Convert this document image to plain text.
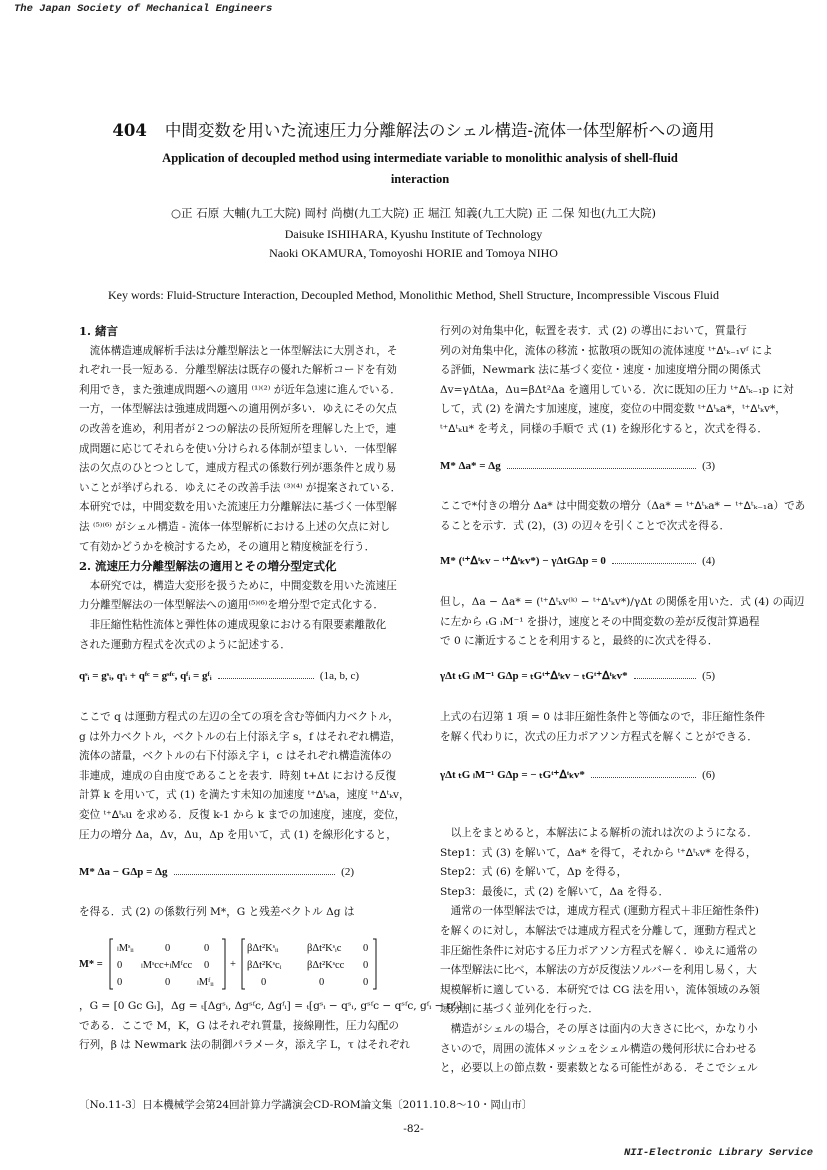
The Japan Society of Mechanical Engineers
404 中間変数を用いた流速圧力分離解法のシェル構造-流体一体型解析への適用
Application of decoupled method using intermediate variable to monolithic analysis of shell-fluid
interaction
○正 石原 大輔(九工大院) 岡村 尚樹(九工大院) 正 堀江 知義(九工大院) 正 二保 知也(九工大院)
Daisuke ISHIHARA, Kyushu Institute of Technology
Naoki OKAMURA, Tomoyoshi HORIE and Tomoya NIHO
Key words: Fluid-Structure Interaction, Decoupled Method, Monolithic Method, Shell Structure, Incompressible Viscous Fluid
1. 緒言

　流体構造連成解析手法は分離型解法と一体型解法に大別され，そ

れぞれ一長一短ある．分離型解法は既存の優れた解析コードを有効

利用でき，また強連成問題への適用 ⁽¹⁾⁽²⁾ が近年急速に進んでいる．

一方，一体型解法は強連成問題への適用例が多い．ゆえにその欠点

の改善を進め，利用者が２つの解法の長所短所を理解した上で，連

成問題に応じてそれらを使い分けられる体制が望ましい．一体型解

法の欠点のひとつとして，連成方程式の係数行列が悪条件と成り易

いことが挙げられる．ゆえにその改善手法 ⁽³⁾⁽⁴⁾ が提案されている．

本研究では，中間変数を用いた流速圧力分離解法に基づく一体型解

法 ⁽⁵⁾⁽⁶⁾ がシェル構造 - 流体一体型解析における上述の欠点に対し

て有効かどうかを検討するため，その適用と精度検証を行う．

2. 流速圧力分離型解法の適用とその増分型定式化

　本研究では，構造大変形を扱うために，中間変数を用いた流速圧

力分離型解法の一体型解法への適用⁽⁵⁾⁽⁶⁾を増分型で定式化する．

　非圧縮性粘性流体と弾性体の連成現象における有限要素離散化

された運動方程式を次式のように記述する．

qˢᵢ = gˢᵢ, qˢᵢ + qᶠᶜ = gˢᶠᶜ, qᶠᵢ = gᶠᵢ	(1a, b, c)

ここで q は運動方程式の左辺の全ての項を含む等価内力ベクトル，

g は外力ベクトル，ベクトルの右上付添え字 s，f はそれぞれ構造，

流体の諸量，ベクトルの右下付添え字 i，c はそれぞれ構造流体の

非連成，連成の自由度であることを表す．時刻 t+Δt における反復

計算 k を用いて，式 (1) を満たす未知の加速度 ᵗ⁺ᐃᵗₖa，速度 ᵗ⁺ᐃᵗₖv，

変位 ᵗ⁺ᐃᵗₖu を求める．反復 k-1 から k までの加速度，速度，変位，

圧力の増分 Δa，Δv，Δu，Δp を用いて，式 (1) を線形化すると，

M* Δa − GΔp = Δg	(2)

を得る．式 (2) の係数行列 M*，G と残差ベクトル Δg は

M* =
ₗMˢᵢᵢ	0	0
0 ₗMˢcc+ₗMᶠcc 0
0	0	ₗMᶠᵢᵢ
+
βΔt²Kˢᵢᵢ	βΔt²Kˢᵢc 0
βΔt²Kˢcᵢ βΔt²Kˢcc 0
0	0	0

，G = [0 Gc Gᵢ]，Δg = ₜ[Δgˢᵢ, Δgˢᶠc, Δgᶠᵢ] = ₜ[gˢᵢ − qˢᵢ, gˢᶠc − qˢᶠc, gᶠᵢ − qᶠᵢ]

である．ここで M，K，G はそれぞれ質量，接線剛性，圧力勾配の

行列，β は Newmark 法の制御パラメータ，添え字 L，τ はそれぞれ

行列の対角集中化，転置を表す．式 (2) の導出において，質量行

列の対角集中化，流体の移流・拡散項の既知の流体速度 ᵗ⁺ᐃᵗₖ₋₁vᶠ によ

る評価，Newmark 法に基づく変位・速度・加速度増分間の関係式

Δv=γΔtΔa，Δu=βΔt²Δa を適用している．次に既知の圧力 ᵗ⁺ᐃᵗₖ₋₁p に対

して，式 (2) を満たす加速度，速度，変位の中間変数 ᵗ⁺ᐃᵗₖa*，ᵗ⁺ᐃᵗₖv*，

ᵗ⁺ᐃᵗₖu* を考え，同様の手順で 式 (1) を線形化すると，次式を得る．

M* Δa* = Δg	(3)

ここで*付きの増分 Δa* は中間変数の増分（Δa* = ᵗ⁺ᐃᵗₖa* − ᵗ⁺ᐃᵗₖ₋₁a）であ

ることを示す．式 (2)，(3) の辺々を引くことで次式を得る．

M* (ᵗ⁺ᐃᵗₖv − ᵗ⁺ᐃᵗₖv*) − γΔtGΔp = 0	(4)

但し，Δa − Δa* = (ᵗ⁺ᐃᵗₖv⁽ᵏ⁾ − ᵗ⁺ᐃᵗₖv*)/γΔt の関係を用いた．式 (4) の両辺

に左から ₜG ₗM⁻¹ を掛け，速度とその中間変数の差が反復計算過程

で 0 に漸近することを利用すると，最終的に次式を得る．

γΔt ₜG ₗM⁻¹ GΔp = ₜGᵗ⁺ᐃᵗₖv − ₜGᵗ⁺ᐃᵗₖv*	(5)

上式の右辺第 1 項 = 0 は非圧縮性条件と等価なので，非圧縮性条件

を解く代わりに，次式の圧力ポアソン方程式を解くことができる．

γΔt ₜG ₗM⁻¹ GΔp = − ₜGᵗ⁺ᐃᵗₖv*	(6)

　以上をまとめると，本解法による解析の流れは次のようになる．

Step1：式 (3) を解いて，Δa* を得て，それから ᵗ⁺ᐃᵗₖv* を得る，

Step2：式 (6) を解いて，Δp を得る，

Step3：最後に，式 (2) を解いて，Δa を得る．

　通常の一体型解法では，連成方程式 (運動方程式＋非圧縮性条件)

を解くのに対し，本解法では連成方程式を分離して，運動方程式と

非圧縮性条件に対応する圧力ポアソン方程式を解く．ゆえに通常の

一体型解法に比べ，本解法の方が反復法ソルバーを利用し易く，大

規模解析に適している．本研究では CG 法を用い，流体領域のみ領

域分割に基づく並列化を行った．

　構造がシェルの場合，その厚さは面内の大きさに比べ，かなり小

さいので，周囲の流体メッシュをシェル構造の幾何形状に合わせる

と，必要以上の節点数・要素数となる可能性がある．そこでシェル

〔No.11-3〕日本機械学会第24回計算力学講演会CD-ROM論文集〔2011.10.8〜10・岡山市〕
-82-
NII-Electronic Library Service
